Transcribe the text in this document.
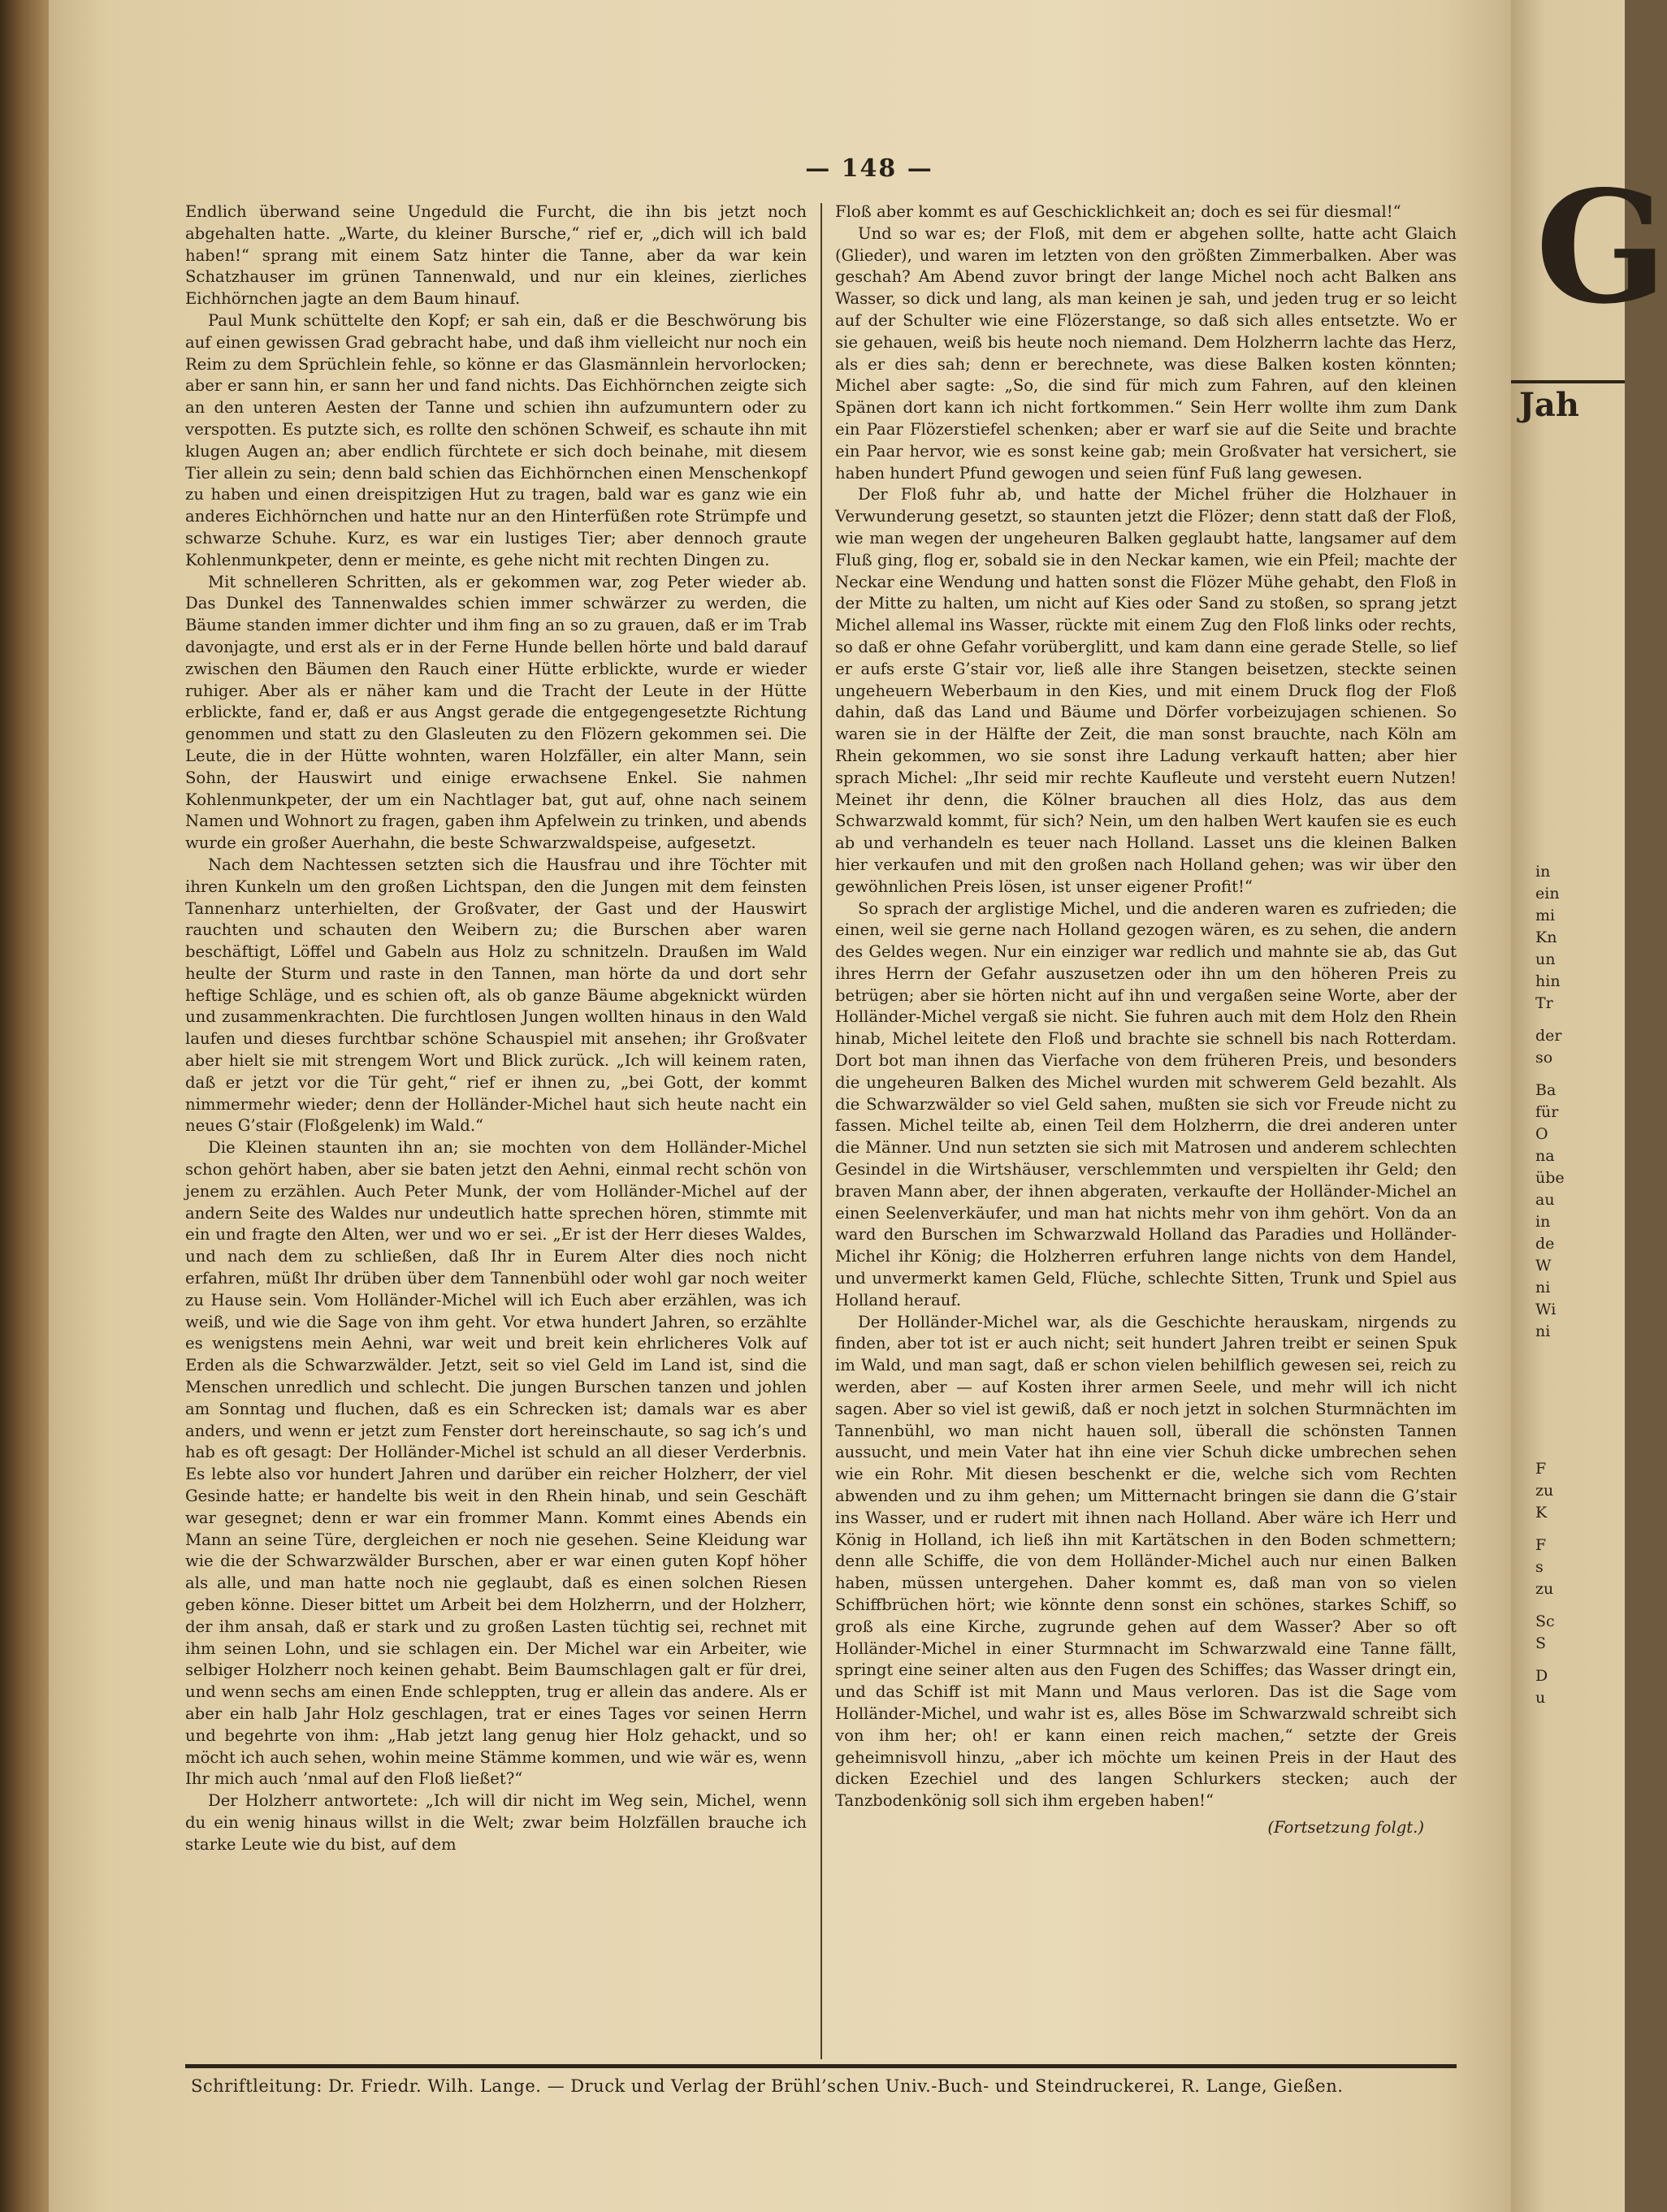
— 148 —

Endlich überwand seine Ungeduld die Furcht, die ihn bis jetzt noch abgehalten hatte. „Warte, du kleiner Bursche,“ rief er, „dich will ich bald haben!“ sprang mit einem Satz hinter die Tanne, aber da war kein Schatzhauser im grünen Tannenwald, und nur ein kleines, zierliches Eichhörnchen jagte an dem Baum hinauf.

Paul Munk schüttelte den Kopf; er sah ein, daß er die Beschwörung bis auf einen gewissen Grad gebracht habe, und daß ihm vielleicht nur noch ein Reim zu dem Sprüchlein fehle, so könne er das Glasmännlein hervorlocken; aber er sann hin, er sann her und fand nichts. Das Eichhörnchen zeigte sich an den unteren Aesten der Tanne und schien ihn aufzumuntern oder zu verspotten. Es putzte sich, es rollte den schönen Schweif, es schaute ihn mit klugen Augen an; aber endlich fürchtete er sich doch beinahe, mit diesem Tier allein zu sein; denn bald schien das Eichhörnchen einen Menschenkopf zu haben und einen dreispitzigen Hut zu tragen, bald war es ganz wie ein anderes Eichhörnchen und hatte nur an den Hinterfüßen rote Strümpfe und schwarze Schuhe. Kurz, es war ein lustiges Tier; aber dennoch graute Kohlenmunkpeter, denn er meinte, es gehe nicht mit rechten Dingen zu.

Mit schnelleren Schritten, als er gekommen war, zog Peter wieder ab. Das Dunkel des Tannenwaldes schien immer schwärzer zu werden, die Bäume standen immer dichter und ihm fing an so zu grauen, daß er im Trab davonjagte, und erst als er in der Ferne Hunde bellen hörte und bald darauf zwischen den Bäumen den Rauch einer Hütte erblickte, wurde er wieder ruhiger. Aber als er näher kam und die Tracht der Leute in der Hütte erblickte, fand er, daß er aus Angst gerade die entgegengesetzte Richtung genommen und statt zu den Glasleuten zu den Flözern gekommen sei. Die Leute, die in der Hütte wohnten, waren Holzfäller, ein alter Mann, sein Sohn, der Hauswirt und einige erwachsene Enkel. Sie nahmen Kohlenmunkpeter, der um ein Nachtlager bat, gut auf, ohne nach seinem Namen und Wohnort zu fragen, gaben ihm Apfelwein zu trinken, und abends wurde ein großer Auerhahn, die beste Schwarzwaldspeise, aufgesetzt.

Nach dem Nachtessen setzten sich die Hausfrau und ihre Töchter mit ihren Kunkeln um den großen Lichtspan, den die Jungen mit dem feinsten Tannenharz unterhielten, der Großvater, der Gast und der Hauswirt rauchten und schauten den Weibern zu; die Burschen aber waren beschäftigt, Löffel und Gabeln aus Holz zu schnitzeln. Draußen im Wald heulte der Sturm und raste in den Tannen, man hörte da und dort sehr heftige Schläge, und es schien oft, als ob ganze Bäume abgeknickt würden und zusammenkrachten. Die furchtlosen Jungen wollten hinaus in den Wald laufen und dieses furchtbar schöne Schauspiel mit ansehen; ihr Großvater aber hielt sie mit strengem Wort und Blick zurück. „Ich will keinem raten, daß er jetzt vor die Tür geht,“ rief er ihnen zu, „bei Gott, der kommt nimmermehr wieder; denn der Holländer-Michel haut sich heute nacht ein neues G’stair (Floßgelenk) im Wald.“

Die Kleinen staunten ihn an; sie mochten von dem Holländer-Michel schon gehört haben, aber sie baten jetzt den Aehni, einmal recht schön von jenem zu erzählen. Auch Peter Munk, der vom Holländer-Michel auf der andern Seite des Waldes nur undeutlich hatte sprechen hören, stimmte mit ein und fragte den Alten, wer und wo er sei. „Er ist der Herr dieses Waldes, und nach dem zu schließen, daß Ihr in Eurem Alter dies noch nicht erfahren, müßt Ihr drüben über dem Tannenbühl oder wohl gar noch weiter zu Hause sein. Vom Holländer-Michel will ich Euch aber erzählen, was ich weiß, und wie die Sage von ihm geht. Vor etwa hundert Jahren, so erzählte es wenigstens mein Aehni, war weit und breit kein ehrlicheres Volk auf Erden als die Schwarzwälder. Jetzt, seit so viel Geld im Land ist, sind die Menschen unredlich und schlecht. Die jungen Burschen tanzen und johlen am Sonntag und fluchen, daß es ein Schrecken ist; damals war es aber anders, und wenn er jetzt zum Fenster dort hereinschaute, so sag ich’s und hab es oft gesagt: Der Holländer-Michel ist schuld an all dieser Verderbnis. Es lebte also vor hundert Jahren und darüber ein reicher Holzherr, der viel Gesinde hatte; er handelte bis weit in den Rhein hinab, und sein Geschäft war gesegnet; denn er war ein frommer Mann. Kommt eines Abends ein Mann an seine Türe, dergleichen er noch nie gesehen. Seine Kleidung war wie die der Schwarzwälder Burschen, aber er war einen guten Kopf höher als alle, und man hatte noch nie geglaubt, daß es einen solchen Riesen geben könne. Dieser bittet um Arbeit bei dem Holzherrn, und der Holzherr, der ihm ansah, daß er stark und zu großen Lasten tüchtig sei, rechnet mit ihm seinen Lohn, und sie schlagen ein. Der Michel war ein Arbeiter, wie selbiger Holzherr noch keinen gehabt. Beim Baumschlagen galt er für drei, und wenn sechs am einen Ende schleppten, trug er allein das andere. Als er aber ein halb Jahr Holz geschlagen, trat er eines Tages vor seinen Herrn und begehrte von ihm: „Hab jetzt lang genug hier Holz gehackt, und so möcht ich auch sehen, wohin meine Stämme kommen, und wie wär es, wenn Ihr mich auch ’nmal auf den Floß ließet?“

Der Holzherr antwortete: „Ich will dir nicht im Weg sein, Michel, wenn du ein wenig hinaus willst in die Welt; zwar beim Holzfällen brauche ich starke Leute wie du bist, auf dem

Floß aber kommt es auf Geschicklichkeit an; doch es sei für diesmal!“

Und so war es; der Floß, mit dem er abgehen sollte, hatte acht Glaich (Glieder), und waren im letzten von den größten Zimmerbalken. Aber was geschah? Am Abend zuvor bringt der lange Michel noch acht Balken ans Wasser, so dick und lang, als man keinen je sah, und jeden trug er so leicht auf der Schulter wie eine Flözerstange, so daß sich alles entsetzte. Wo er sie gehauen, weiß bis heute noch niemand. Dem Holzherrn lachte das Herz, als er dies sah; denn er berechnete, was diese Balken kosten könnten; Michel aber sagte: „So, die sind für mich zum Fahren, auf den kleinen Spänen dort kann ich nicht fortkommen.“ Sein Herr wollte ihm zum Dank ein Paar Flözerstiefel schenken; aber er warf sie auf die Seite und brachte ein Paar hervor, wie es sonst keine gab; mein Großvater hat versichert, sie haben hundert Pfund gewogen und seien fünf Fuß lang gewesen.

Der Floß fuhr ab, und hatte der Michel früher die Holzhauer in Verwunderung gesetzt, so staunten jetzt die Flözer; denn statt daß der Floß, wie man wegen der ungeheuren Balken geglaubt hatte, langsamer auf dem Fluß ging, flog er, sobald sie in den Neckar kamen, wie ein Pfeil; machte der Neckar eine Wendung und hatten sonst die Flözer Mühe gehabt, den Floß in der Mitte zu halten, um nicht auf Kies oder Sand zu stoßen, so sprang jetzt Michel allemal ins Wasser, rückte mit einem Zug den Floß links oder rechts, so daß er ohne Gefahr vorüberglitt, und kam dann eine gerade Stelle, so lief er aufs erste G’stair vor, ließ alle ihre Stangen beisetzen, steckte seinen ungeheuern Weberbaum in den Kies, und mit einem Druck flog der Floß dahin, daß das Land und Bäume und Dörfer vorbeizujagen schienen. So waren sie in der Hälfte der Zeit, die man sonst brauchte, nach Köln am Rhein gekommen, wo sie sonst ihre Ladung verkauft hatten; aber hier sprach Michel: „Ihr seid mir rechte Kaufleute und versteht euern Nutzen! Meinet ihr denn, die Kölner brauchen all dies Holz, das aus dem Schwarzwald kommt, für sich? Nein, um den halben Wert kaufen sie es euch ab und verhandeln es teuer nach Holland. Lasset uns die kleinen Balken hier verkaufen und mit den großen nach Holland gehen; was wir über den gewöhnlichen Preis lösen, ist unser eigener Profit!“

So sprach der arglistige Michel, und die anderen waren es zufrieden; die einen, weil sie gerne nach Holland gezogen wären, es zu sehen, die andern des Geldes wegen. Nur ein einziger war redlich und mahnte sie ab, das Gut ihres Herrn der Gefahr auszusetzen oder ihn um den höheren Preis zu betrügen; aber sie hörten nicht auf ihn und vergaßen seine Worte, aber der Holländer-Michel vergaß sie nicht. Sie fuhren auch mit dem Holz den Rhein hinab, Michel leitete den Floß und brachte sie schnell bis nach Rotterdam. Dort bot man ihnen das Vierfache von dem früheren Preis, und besonders die ungeheuren Balken des Michel wurden mit schwerem Geld bezahlt. Als die Schwarzwälder so viel Geld sahen, mußten sie sich vor Freude nicht zu fassen. Michel teilte ab, einen Teil dem Holzherrn, die drei anderen unter die Männer. Und nun setzten sie sich mit Matrosen und anderem schlechten Gesindel in die Wirtshäuser, verschlemmten und verspielten ihr Geld; den braven Mann aber, der ihnen abgeraten, verkaufte der Holländer-Michel an einen Seelenverkäufer, und man hat nichts mehr von ihm gehört. Von da an ward den Burschen im Schwarzwald Holland das Paradies und Holländer-Michel ihr König; die Holzherren erfuhren lange nichts von dem Handel, und unvermerkt kamen Geld, Flüche, schlechte Sitten, Trunk und Spiel aus Holland herauf.

Der Holländer-Michel war, als die Geschichte herauskam, nirgends zu finden, aber tot ist er auch nicht; seit hundert Jahren treibt er seinen Spuk im Wald, und man sagt, daß er schon vielen behilflich gewesen sei, reich zu werden, aber — auf Kosten ihrer armen Seele, und mehr will ich nicht sagen. Aber so viel ist gewiß, daß er noch jetzt in solchen Sturmnächten im Tannenbühl, wo man nicht hauen soll, überall die schönsten Tannen aussucht, und mein Vater hat ihn eine vier Schuh dicke umbrechen sehen wie ein Rohr. Mit diesen beschenkt er die, welche sich vom Rechten abwenden und zu ihm gehen; um Mitternacht bringen sie dann die G’stair ins Wasser, und er rudert mit ihnen nach Holland. Aber wäre ich Herr und König in Holland, ich ließ ihn mit Kartätschen in den Boden schmettern; denn alle Schiffe, die von dem Holländer-Michel auch nur einen Balken haben, müssen untergehen. Daher kommt es, daß man von so vielen Schiffbrüchen hört; wie könnte denn sonst ein schönes, starkes Schiff, so groß als eine Kirche, zugrunde gehen auf dem Wasser? Aber so oft Holländer-Michel in einer Sturmnacht im Schwarzwald eine Tanne fällt, springt eine seiner alten aus den Fugen des Schiffes; das Wasser dringt ein, und das Schiff ist mit Mann und Maus verloren. Das ist die Sage vom Holländer-Michel, und wahr ist es, alles Böse im Schwarzwald schreibt sich von ihm her; oh! er kann einen reich machen,“ setzte der Greis geheimnisvoll hinzu, „aber ich möchte um keinen Preis in der Haut des dicken Ezechiel und des langen Schlurkers stecken; auch der Tanzbodenkönig soll sich ihm ergeben haben!“

(Fortsetzung folgt.)
Schriftleitung: Dr. Friedr. Wilh. Lange. — Druck und Verlag der Brühl’schen Univ.-Buch- und Steindruckerei, R. Lange, Gießen.
G
Jah
in
ein
mi
Kn
un
hin
Tr
der
so
Ba
für
O
na
übe
au
in
de
W
ni
Wi
ni
F
zu
K
F
s
zu
Sc
S
D
u
